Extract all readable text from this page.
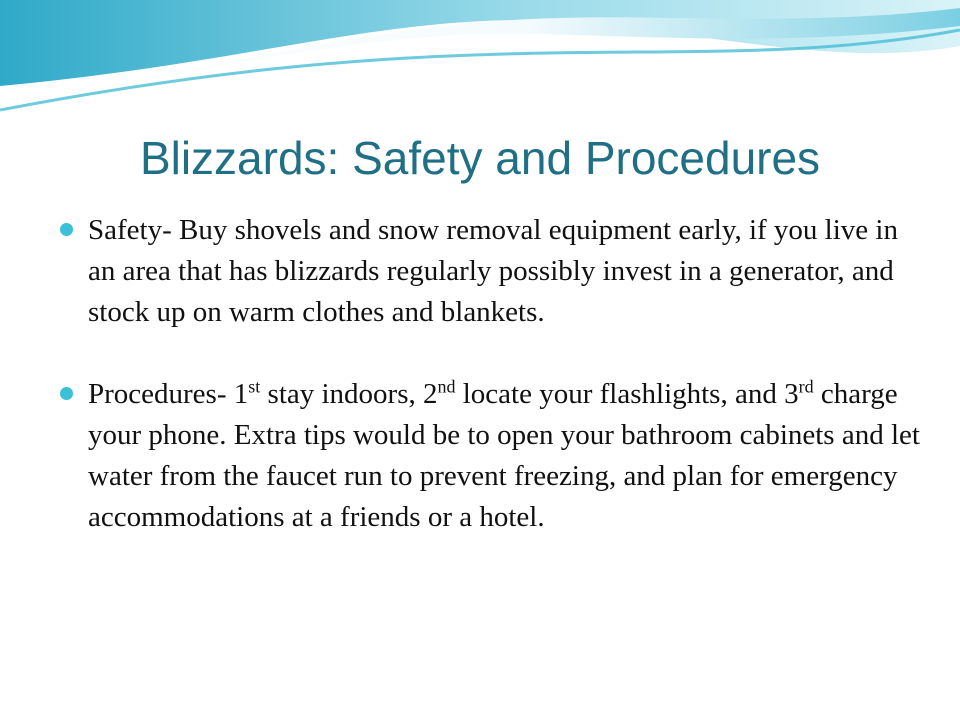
Blizzards: Safety and Procedures
Safety- Buy shovels and snow removal equipment early, if you live in an area that has blizzards regularly possibly invest in a generator, and stock up on warm clothes and blankets.
Procedures- 1st stay indoors, 2nd locate your flashlights, and 3rd charge your phone. Extra tips would be to open your bathroom cabinets and let water from the faucet run to prevent freezing, and plan for emergency accommodations at a friends or a hotel.
